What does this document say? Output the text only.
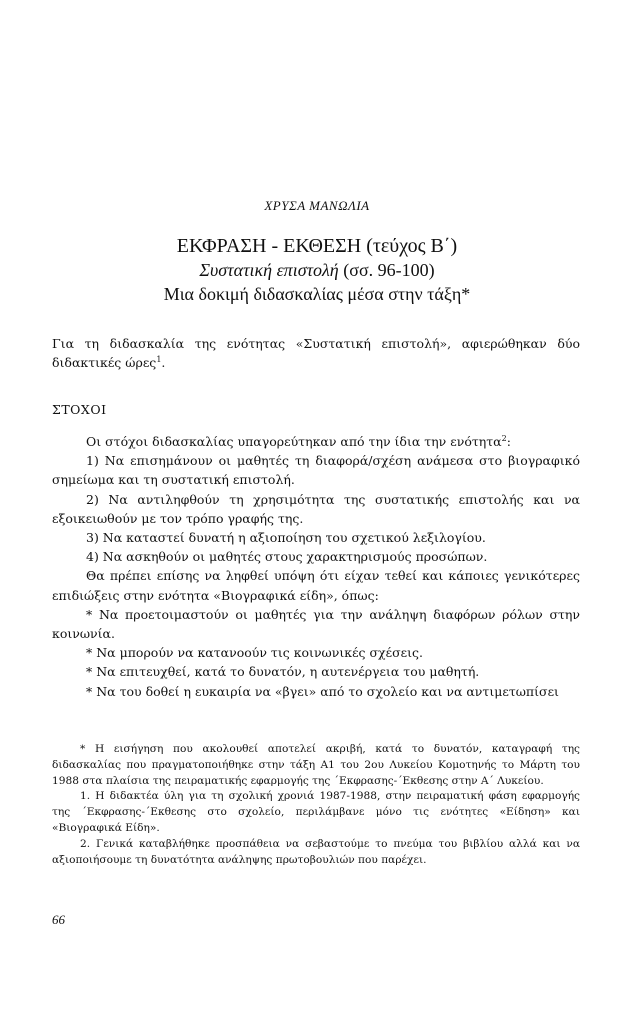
ΧΡΥΣΑ ΜΑΝΩΛΙΑ
ΕΚΦΡΑΣΗ - ΕΚΘΕΣΗ (τεύχος Β΄)
Συστατική επιστολή (σσ. 96-100)
Μια δοκιμή διδασκαλίας μέσα στην τάξη*
Για τη διδασκαλία της ενότητας «Συστατική επιστολή», αφιερώθηκαν δύο διδακτικές ώρες$^1$.
ΣΤΟΧΟΙ

Οι στόχοι διδασκαλίας υπαγορεύτηκαν από την ίδια την ενότητα$^2$:

1) Να επισημάνουν οι μαθητές τη διαφορά/σχέση ανάμεσα στο βιογραφικό σημείωμα και τη συστατική επιστολή.

2) Να αντιληφθούν τη χρησιμότητα της συστατικής επιστολής και να εξοικειωθούν με τον τρόπο γραφής της.

3) Να καταστεί δυνατή η αξιοποίηση του σχετικού λεξιλογίου.

4) Να ασκηθούν οι μαθητές στους χαρακτηρισμούς προσώπων.

Θα πρέπει επίσης να ληφθεί υπόψη ότι είχαν τεθεί και κάποιες γενικότερες επιδιώξεις στην ενότητα «Βιογραφικά είδη», όπως:

* Να προετοιμαστούν οι μαθητές για την ανάληψη διαφόρων ρόλων στην κοινωνία.

* Να μπορούν να κατανοούν τις κοινωνικές σχέσεις.

* Να επιτευχθεί, κατά το δυνατόν, η αυτενέργεια του μαθητή.

* Να του δοθεί η ευκαιρία να «βγει» από το σχολείο και να αντιμετωπίσει

* Η εισήγηση που ακολουθεί αποτελεί ακριβή, κατά το δυνατόν, καταγραφή της διδασκαλίας που πραγματοποιήθηκε στην τάξη Α1 του 2ου Λυκείου Κομοτηνής το Μάρτη του 1988 στα πλαίσια της πειραματικής εφαρμογής της ΄Εκφρασης-΄Εκθεσης στην Α΄ Λυκείου.

1. Η διδακτέα ύλη για τη σχολική χρονιά 1987-1988, στην πειραματική φάση εφαρμογής της ΄Εκφρασης-΄Εκθεσης στο σχολείο, περιλάμβανε μόνο τις ενότητες «Είδηση» και «Βιογραφικά Είδη».

2. Γενικά καταβλήθηκε προσπάθεια να σεβαστούμε το πνεύμα του βιβλίου αλλά και να αξιοποιήσουμε τη δυνατότητα ανάληψης πρωτοβουλιών που παρέχει.

66
